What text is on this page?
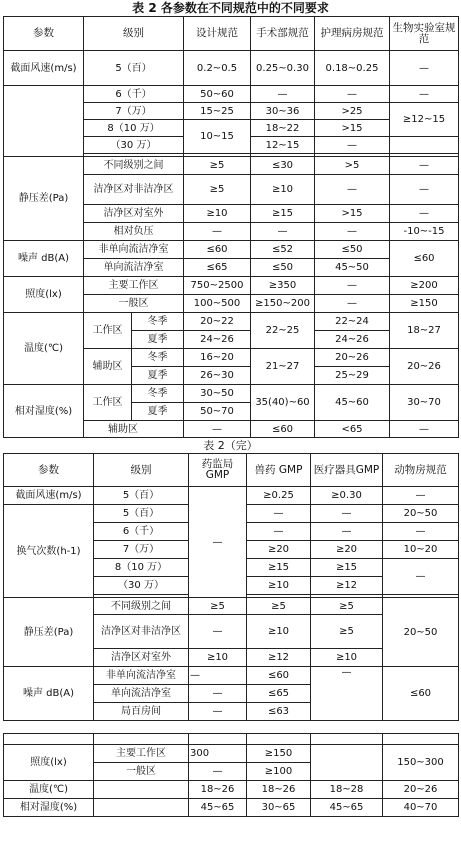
表 2 各参数在不同规范中的不同要求
参数	级别		设计规范	手术部规范	护理病房规范	生物实验室规范
截面风速(m/s)	5（百）		0.2~0.5	0.25~0.30	0.18~0.25	—
	6（千）		50~60	—	—	—
	7（万）		15~25	30~36	>25	≥12~15
	8（10 万）		10~15	18~22	>15	
	（30 万）			12~15	—	

静压差(Pa)	不同级别之间		≥5	≤30	>5	—
	洁净区对非洁净区		≥5	≥10	—	—
	洁净区对室外		≥10	≥15	>15	—
	相对负压		—	—	—	-10~-15
噪声 dB(A)	非单向流洁净室		≤60	≤52	≤50	≤60
	单向流洁净室		≤65	≤50	45~50	
照度(lx)	主要工作区		750~2500	≥350	—	≥200
	一般区		100~500	≥150~200	—	≥150
温度(℃)	工作区	冬季	20~22	22~25	22~24	18~27
		夏季	24~26		24~26	
	辅助区	冬季	16~20	21~27	20~26	20~26
		夏季	26~30		25~29	
相对湿度(%)	工作区	冬季	30~50	35(40)~60	45~60	30~70
		夏季	50~70			
	辅助区		—	≤60	<65	—
表 2（完）
参数	级别	药监局GMP	兽药 GMP	医疗器具GMP	动物房规范
截面风速(m/s)	5（百）	—	≥0.25	≥0.30	—
换气次数(h-1)	5（百）		—	—	20~50
	6（千）		—	—	—
	7（万）		≥20	≥20	10~20
	8（10 万）		≥15	≥15	—
	（30 万）		≥10	≥12	

静压差(Pa)	不同级别之间	≥5	≥5	≥5	20~50
	洁净区对非洁净区	—	≥10	≥5	
	洁净区对室外	≥10	≥12	≥10	
噪声 dB(A)	非单向流洁净室	—	≤60	—	≤60
	单向流洁净室	—	≤65		
	局百房间	—	≤63		

照度(lx)	主要工作区	300	≥150		150~300
	一般区	—	≥100		
温度(℃)		18~26	18~26	18~28	20~26
相对湿度(%)		45~65	30~65	45~65	40~70
